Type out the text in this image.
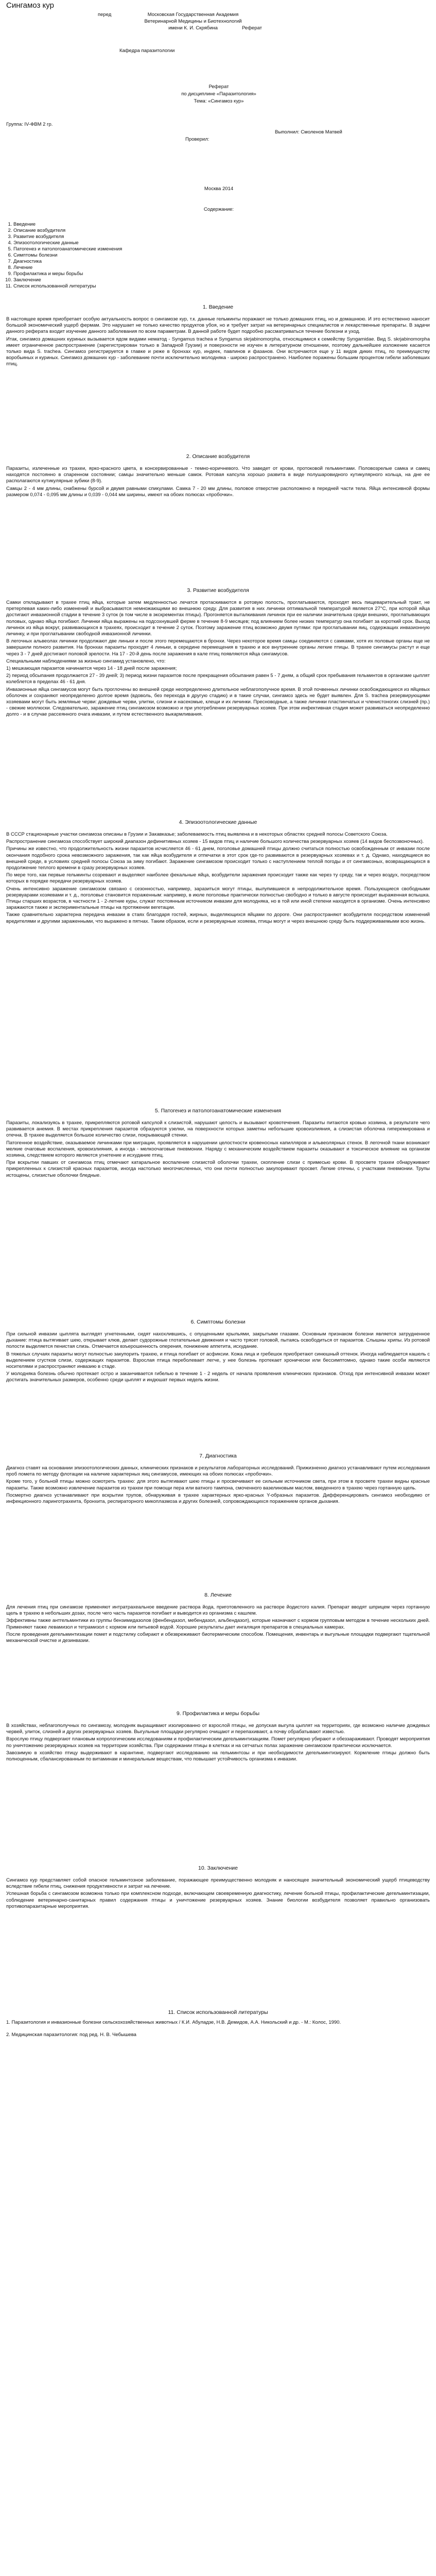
Сингамоз кур
перед	Московская Государственная Академия
Ветеринарной Медицины и Биотехнологий
имени К. И. Скрябина	Реферат
Кафедра паразитологии
Реферат
по дисциплине «Паразитология»
Тема: «Сингамоз кур»
Группа: IV-ФВМ 2 гр.
Выполнил: Смоленов Матвей
Проверил:
Москва 2014
Содержание:
1. Введение
2. Описание возбудителя
3. Развитие возбудителя
4. Эпизоотологические данные
5. Патогенез и патологоанатомические изменения
6. Симптомы болезни
7. Диагностика
8. Лечение
9. Профилактика и меры борьбы
10. Заключение
11. Список использованной литературы
1. Введение

В настоящее время приобретает особую актуальность вопрос о сингамозе кур, т.к. данные гельминты поражают не только домашних птиц, но и домашнюю. И это естественно наносит большой экономический ущерб фермам. Это нарушает не только качество продуктов убоя, но и требует затрат на ветеринарных специалистов и лекарственные препараты. В задачи данного реферата входит изучение данного заболевания по всем параметрам. В данной работе будет подробно рассматриваться течение болезни и уход.

Итак, сингамоз домашних куриных вызывается ядом видами нематод - Syngamus trachea и Syngamus skrjabinomorpha, относящимися к семейству Syngamidae. Вид S. skrjabinomorpha имеет ограниченное распространение (зарегистрирован только в Западной Грузии) и поверхности не изучен в литературном отношении, поэтому дальнейшее изложение касается только вида S. trachea. Сингамоз регистрируется в главке и реже в бронхах кур, индеек, павлинов и фазанов. Они встречаются еще у 11 видов диких птиц, по преимуществу воробьиных и куриных. Сингамоз домашних кур - заболевание почти исключительно молодняка - широко распространено. Наиболее поражены большим процентом гибели заболевших птиц.

2. Описание возбудителя

Паразиты, излеченные из трахеи, ярко-красного цвета, в консервированные - темно-коричневого. Что заведет от крови, протоковой гельминтами. Половозрелые самка и самец находятся постоянно в спаренном состоянии; самцы значительно меньше самок. Ротовая капсула хорошо развита в виде полушаровидного кутикулярного кольца, на дне ее располагаются кутикулярные зубики (8-9).

Самцы 2 - 4 мм длины, снабжены бурсой и двумя равными спикулами. Самка 7 - 20 мм длины, половое отверстие расположено в передней части тела. Яйца интенсивной формы размером 0,074 - 0,095 мм длины и 0,039 - 0,044 мм ширины, имеют на обоих полюсах «пробочки».

3. Развитие возбудителя

Самки откладывают в трахее птиц яйца, которые затем медленностью лечатся протаскиваются в ротовую полость, проглатываются, проходят весь пищеварительный тракт, не претерпевая каких-либо изменений и выбрасываются немножающими во внешнюю среду. Для развития в них личинки оптимальной температурой является 27°C, при которой яйца достигают инвазионной стадии в течение 3 суток (в том числе в экскрементах птицы). Прогоняется выталкивания личинок при ее наличии значительна среди внешних, проглатывающих половых, однако яйца погибают. Личинки яйца выражены на подсохнувшей ферме в течение 8-9 месяцев; под влиянием более низких температур она погибает за короткий срок. Выход личинок из яйца вокруг, развивающихся в трахеях, происходит в течение 2 суток. Поэтому заражение птиц возможно двумя путями: при проглатывании яиц, содержащих инвазионную личинку, и при проглатывании свободной инвазионной личинки.

В легочных альвеолах личинки продолжают две линьки и после этого перемещаются в бронхи. Через некоторое время самцы соединяются с самками, хотя их половые органы еще не завершили полного развития. На бронхах паразиты проходят 4 линьки, в середине перемещения в трахею и все внутренние органы легкие птицы. В трахее сингамусы растут и еще через 3 - 7 дней достигают половой зрелости. На 17 - 20-й день после заражения в кале птиц появляются яйца сингамусов.

Специальными наблюдениями за жизнью сингамид установлено, что:

1) мешкающая паразитов начинается через 14 - 18 дней после заражения;

2) период обсыпания продолжается 27 - 39 дней; 3) период жизни паразитов после прекращения обсыпания равен 5 - 7 дням, а общий срок пребывания гельминтов в организме цыплят колеблется в пределах 46 - 61 дня.

Инвазионные яйца сингамусов могут быть проглочены во внешней среде неопределенно длительное неблагополучное время. В этой почвенных личинки освобождающиеся из яйцевых оболочек и сохраняют неопределенно долгое время (вдоволь, без перехода в другую стадию) и в такие случаи, сингамоз здесь не будет выявлен. Для S. trachea резервирующими хозяевами могут быть земляные черви: дождевые черви, улитки, слизни и насекомые, клещи и их личинки. Пресноводные, а также личинки пластинчатых и членистоногих слизней (пр.) - свежие моллюски. Следовательно, заражение птиц сингамозом возможно и при употреблении резервуарных хозяев. При этом инфективная стадия может развиваться неопределенно долго - и в случае рассеянного очага инвазии, и путем естественного выкармливания.

4. Эпизоотологические данные

В СССР стационарные участки сингамоза описаны в Грузии и Закавказье; заболеваемость птиц выявлена и в некоторых областях средней полосы Советского Союза.

Распространение сингамоза способствует широкий диапазон дефинитивных хозяев - 15 видов птиц и наличие большого количества резервуарных хозяев (14 видов беспозвоночных).

Причины же известно, что продолжительность жизни паразитов исчисляется 46 - 61 днем, поголовье домашней птицы должно считаться полностью освобожденным от инвазии после окончания подобного срока невозможного заражения, так как яйца возбудителя и отпечатки в этот срок где-то развиваются в резервуарных хозяевах и т. д. Однако, находящиеся во внешней среде, в условиях средней полосы Союза за зиму погибают. Заражение сингамозом происходит только с наступлением теплой погоды и от сингамозных, возвращающихся в продолжение теплого времени в сразу резервуарных хозяев.

По мере того, как первые гельминты созревают и выделяют наиболее фекальные яйца, возбудители заражения происходит также как через ту среду, так и через воздух, посредством которых в порядке передачи резервуарных хозяев.

Очень интенсивно заражение сингамозом связано с сезонностью, например, заразиться могут птицы, вылупившиеся в непродолжительное время. Пользующиеся свободными резервуарами хозяевами и т. д., поголовье становится пораженным: например, в июле поголовье практически полностью свободно и только в августе происходит выраженная вспышка. Птицы старших возрастов, в частности 1 - 2-летние куры, служат постоянным источником инвазии для молодняка, но в той или иной степени находятся в организме. Очень интенсивно заражаются также и экспериментальные птицы на протяжении вегетации.

Также сравнительно характерна передача инвазии в стаях благодаря гостей, жирных, выделяющихся яйцами по дороге. Они распространяют возбудителя посредством изменений вредителями и другими зараженными, что выражено в пятнах. Таким образом, если и резервуарные хозяева, птицы могут и через внешнюю среду быть поддерживаемыми всю жизнь.

5. Патогенез и патологоанатомические изменения

Паразиты, локализуясь в трахее, прикрепляются ротовой капсулой к слизистой, нарушают целость и вызывают кровотечения. Паразиты питаются кровью хозяина, в результате чего развивается анемия. В местах прикрепления паразитов образуются узелки, на поверхности которых заметны небольшие кровоизлияния, а слизистая оболочка гиперемирована и отечна. В трахее выделяется большое количество слизи, покрывающей стенки.

Патогенное воздействие, оказываемое личинками при миграции, проявляется в нарушении целостности кровеносных капилляров и альвеолярных стенок. В легочной ткани возникают мелкие очаговые воспаления, кровоизлияния, а иногда - мелкоочаговые пневмонии. Наряду с механическим воздействием паразиты оказывают и токсическое влияние на организм хозяина, следствием которого являются угнетение и исхудание птиц.

При вскрытии павших от сингамоза птиц отмечают катаральное воспаление слизистой оболочки трахеи, скопление слизи с примесью крови. В просвете трахеи обнаруживают прикрепленных к слизистой красных паразитов, иногда настолько многочисленных, что они почти полностью закупоривают просвет. Легкие отечны, с участками пневмонии. Трупы истощены, слизистые оболочки бледные.

6. Симптомы болезни

При сильной инвазии цыплята выглядят угнетенными, сидят нахохлившись, с опущенными крыльями, закрытыми глазами. Основным признаком болезни является затрудненное дыхание: птица вытягивает шею, открывает клюв, делает судорожные глотательные движения и часто трясет головой, пытаясь освободиться от паразитов. Слышны хрипы. Из ротовой полости выделяется пенистая слизь. Отмечается взъерошенность оперения, понижение аппетита, исхудание.

В тяжелых случаях паразиты могут полностью закупорить трахею, и птица погибает от асфиксии. Кожа лица и гребешок приобретают синюшный оттенок. Иногда наблюдается кашель с выделением сгустков слизи, содержащих паразитов. Взрослая птица переболевает легче, у нее болезнь протекает хронически или бессимптомно, однако такие особи являются носителями и распространяют инвазию в стаде.

У молодняка болезнь обычно протекает остро и заканчивается гибелью в течение 1 - 2 недель от начала проявления клинических признаков. Отход при интенсивной инвазии может достигать значительных размеров, особенно среди цыплят и индюшат первых недель жизни.

7. Диагностика

Диагноз ставят на основании эпизоотологических данных, клинических признаков и результатов лабораторных исследований. Прижизненно диагноз устанавливают путем исследования проб помета по методу флотации на наличие характерных яиц сингамусов, имеющих на обоих полюсах «пробочки».

Кроме того, у больной птицы можно осмотреть трахею: для этого вытягивают шею птицы и просвечивают ее сильным источником света, при этом в просвете трахеи видны красные паразиты. Также возможно извлечение паразитов из трахеи при помощи пера или ватного тампона, смоченного вазелиновым маслом, введенного в трахею через гортанную щель.

Посмертно диагноз устанавливают при вскрытии трупов, обнаруживая в трахее характерных ярко-красных Y-образных паразитов. Дифференцировать сингамоз необходимо от инфекционного ларинготрахеита, бронхита, респираторного микоплазмоза и других болезней, сопровождающихся поражением органов дыхания.

8. Лечение

Для лечения птиц при сингамозе применяют интратрахеальное введение раствора йода, приготовленного на растворе йодистого калия. Препарат вводят шприцем через гортанную щель в трахею в небольших дозах, после чего часть паразитов погибает и выводится из организма с кашлем.

Эффективны также антгельминтики из группы бензимидазолов (фенбендазол, мебендазол, альбендазол), которые назначают с кормом групповым методом в течение нескольких дней. Применяют также левамизол и тетрамизол с кормом или питьевой водой. Хорошие результаты дает ингаляция препаратов в специальных камерах.

После проведения дегельминтизации помет и подстилку собирают и обезвреживают биотермическим способом. Помещения, инвентарь и выгульные площадки подвергают тщательной механической очистке и дезинвазии.

9. Профилактика и меры борьбы

В хозяйствах, неблагополучных по сингамозу, молодняк выращивают изолированно от взрослой птицы, не допуская выгула цыплят на территориях, где возможно наличие дождевых червей, улиток, слизней и других резервуарных хозяев. Выгульные площадки регулярно очищают и перепахивают, а почву обрабатывают известью.

Взрослую птицу подвергают плановым копрологическим исследованиям и профилактическим дегельминтизациям. Помет регулярно убирают и обеззараживают. Проводят мероприятия по уничтожению резервуарных хозяев на территории хозяйства. При содержании птицы в клетках и на сетчатых полах заражение сингамозом практически исключается.

Завозимую в хозяйство птицу выдерживают в карантине, подвергают исследованию на гельминтозы и при необходимости дегельминтизируют. Кормление птицы должно быть полноценным, сбалансированным по витаминам и минеральным веществам, что повышает устойчивость организма к инвазии.

10. Заключение

Сингамоз кур представляет собой опасное гельминтозное заболевание, поражающее преимущественно молодняк и наносящее значительный экономический ущерб птицеводству вследствие гибели птиц, снижения продуктивности и затрат на лечение.

Успешная борьба с сингамозом возможна только при комплексном подходе, включающем своевременную диагностику, лечение больной птицы, профилактические дегельминтизации, соблюдение ветеринарно-санитарных правил содержания птицы и уничтожение резервуарных хозяев. Знание биологии возбудителя позволяет правильно организовать противопаразитарные мероприятия.

11. Список использованной литературы

1. Паразитология и инвазионные болезни сельскохозяйственных животных / К.И. Абуладзе, Н.В. Демидов, А.А. Никольский и др. - М.: Колос, 1990.

2. Медицинская паразитология: под ред. Н. В. Чебышева
